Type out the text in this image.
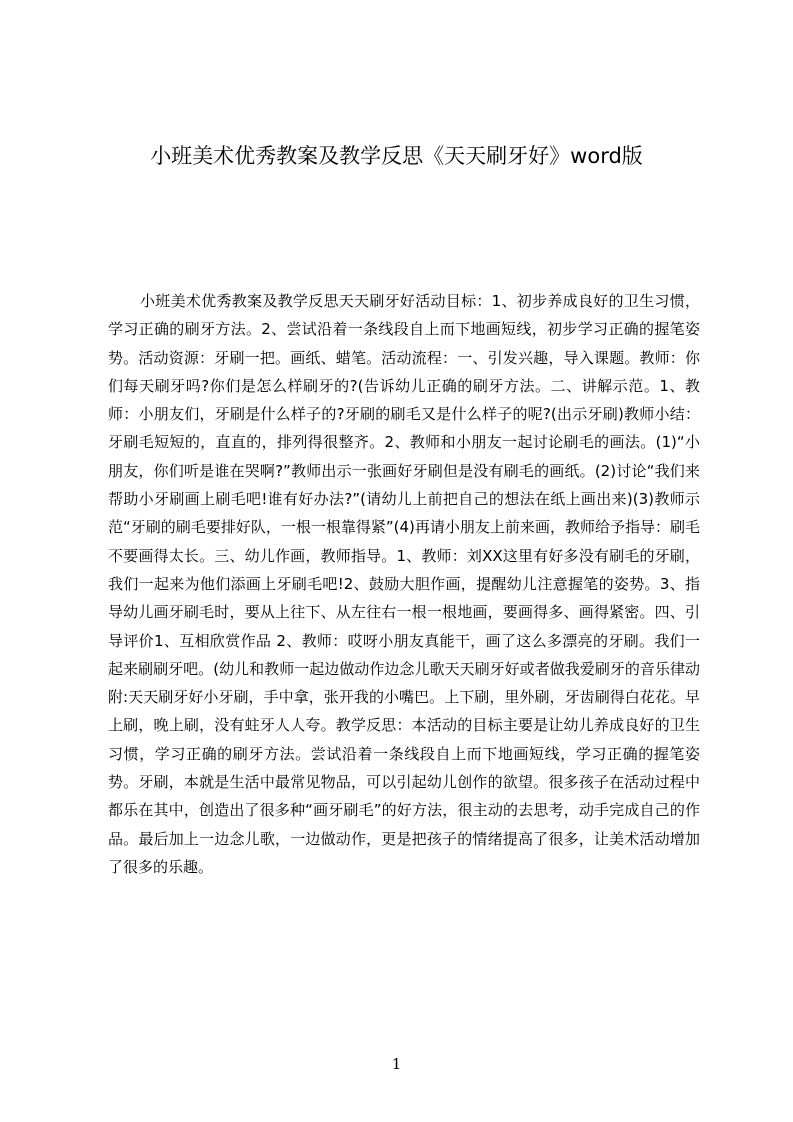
小班美术优秀教案及教学反思《天天刷牙好》word版

小班美术优秀教案及教学反思天天刷牙好活动目标：1、初步养成良好的卫生习惯，学习正确的刷牙方法。2、尝试沿着一条线段自上而下地画短线，初步学习正确的握笔姿势。活动资源：牙刷一把。画纸、蜡笔。活动流程：一、引发兴趣，导入课题。教师：你们每天刷牙吗?你们是怎么样刷牙的?(告诉幼儿正确的刷牙方法。二、讲解示范。1、教师：小朋友们，牙刷是什么样子的?牙刷的刷毛又是什么样子的呢?(出示牙刷)教师小结：牙刷毛短短的，直直的，排列得很整齐。2、教师和小朋友一起讨论刷毛的画法。(1)“小朋友，你们听是谁在哭啊?”教师出示一张画好牙刷但是没有刷毛的画纸。(2)讨论“我们来帮助小牙刷画上刷毛吧!谁有好办法?”(请幼儿上前把自己的想法在纸上画出来)(3)教师示范“牙刷的刷毛要排好队，一根一根靠得紧”(4)再请小朋友上前来画，教师给予指导：刷毛不要画得太长。三、幼儿作画，教师指导。1、教师：刘XX这里有好多没有刷毛的牙刷，我们一起来为他们添画上牙刷毛吧!2、鼓励大胆作画，提醒幼儿注意握笔的姿势。3、指导幼儿画牙刷毛时，要从上往下、从左往右一根一根地画，要画得多、画得紧密。四、引导评价1、互相欣赏作品 2、教师：哎呀小朋友真能干，画了这么多漂亮的牙刷。我们一起来刷刷牙吧。(幼儿和教师一起边做动作边念儿歌天天刷牙好或者做我爱刷牙的音乐律动附:天天刷牙好小牙刷，手中拿，张开我的小嘴巴。上下刷，里外刷，牙齿刷得白花花。早上刷，晚上刷，没有蛀牙人人夸。教学反思：本活动的目标主要是让幼儿养成良好的卫生习惯，学习正确的刷牙方法。尝试沿着一条线段自上而下地画短线，学习正确的握笔姿势。牙刷，本就是生活中最常见物品，可以引起幼儿创作的欲望。很多孩子在活动过程中都乐在其中，创造出了很多种“画牙刷毛”的好方法，很主动的去思考，动手完成自己的作品。最后加上一边念儿歌，一边做动作，更是把孩子的情绪提高了很多，让美术活动增加了很多的乐趣。

1
